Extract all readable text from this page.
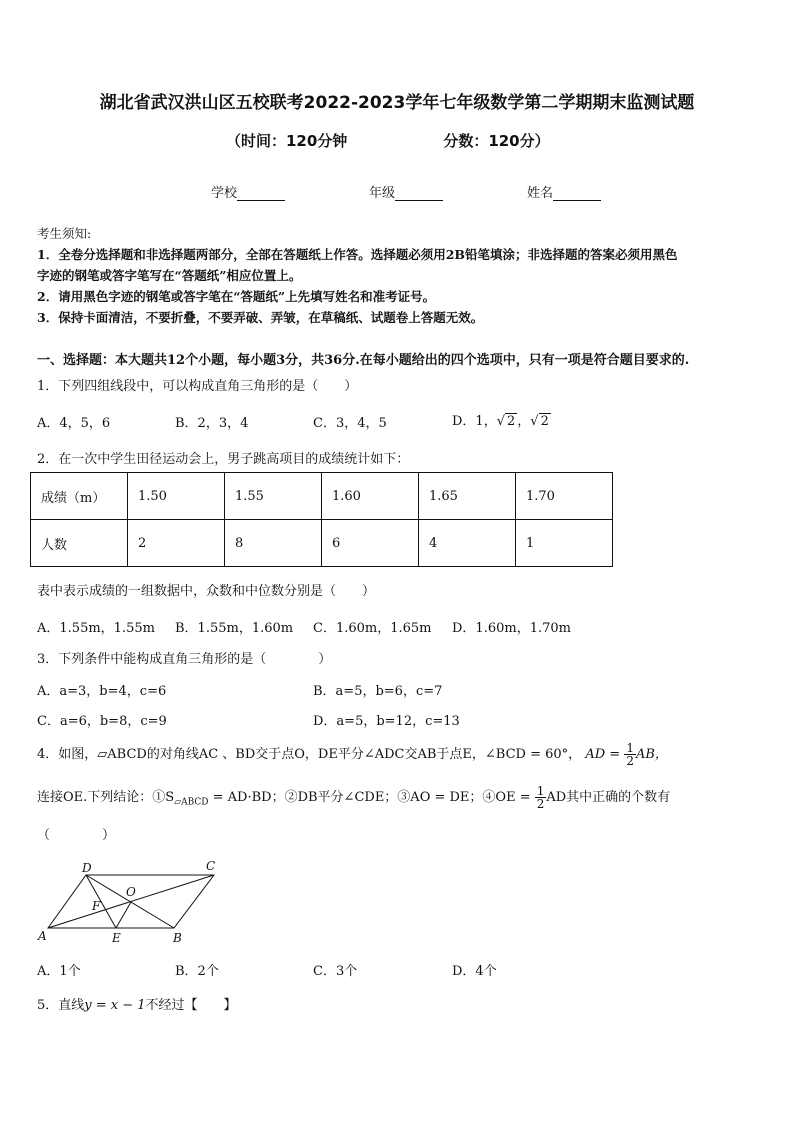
湖北省武汉洪山区五校联考2022-2023学年七年级数学第二学期期末监测试题
（时间：120分钟	分数：120分）
学校	年级	姓名
考生须知:
1．全卷分选择题和非选择题两部分，全部在答题纸上作答。选择题必须用2B铅笔填涂；非选择题的答案必须用黑色
字迹的钢笔或答字笔写在“答题纸”相应位置上。
2．请用黑色字迹的钢笔或答字笔在“答题纸”上先填写姓名和准考证号。
3．保持卡面清洁，不要折叠，不要弄破、弄皱，在草稿纸、试题卷上答题无效。
一、选择题：本大题共12个小题，每小题3分，共36分.在每小题给出的四个选项中，只有一项是符合题目要求的.
1．下列四组线段中，可以构成直角三角形的是（　　）
A．4，5，6	B．2，3，4	C．3，4，5	D．1，√ 2 ，√ 2
2．在一次中学生田径运动会上，男子跳高项目的成绩统计如下：
成绩（m）	1.50	1.55	1.60	1.65	1.70
人数	2	8	6	4	1
表中表示成绩的一组数据中，众数和中位数分别是（　　）
A．1.55m，1.55m B．1.55m，1.60m C．1.60m，1.65m D．1.60m，1.70m
3．下列条件中能构成直角三角形的是（　　　　）
A．a=3，b=4，c=6	B．a=5，b=6，c=7
C．a=6，b=8，c=9	D．a=5，b=12，c=13
4．如图，▱ABCD的对角线AC 、BD交于点O，DE平分∠ADC交AB于点E，∠BCD = 60°， AD = $\frac{1}{2}$ AB，
连接OE.下列结论：$①S_{▱ABCD} = AD\cdot BD$；②DB平分∠CDE；③AO = DE；④OE = $\frac{1}{2}$ AD其中正确的个数有
（　　　　）
A	B
C
D
E
F
O
A．1个	B．2个	C．3个	D．4个
5．直线y = x − 1不经过【　　】
